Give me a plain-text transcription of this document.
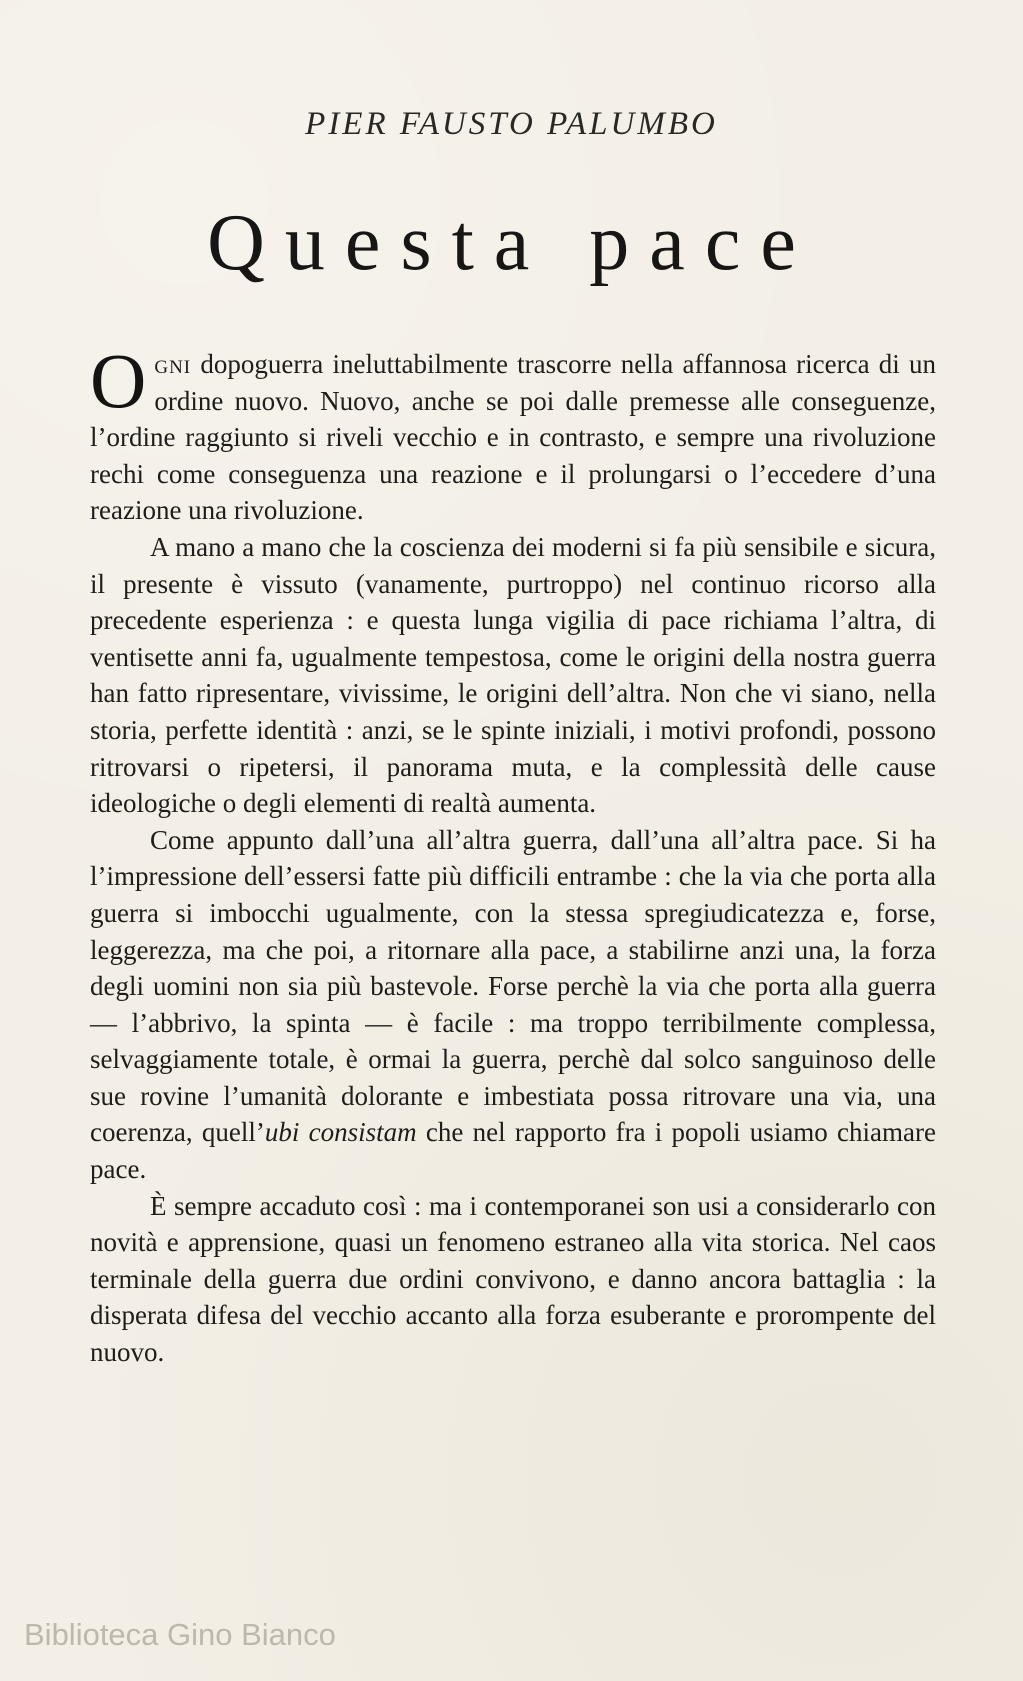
PIER FAUSTO PALUMBO
Questa pace

Ogni dopoguerra ineluttabilmente trascorre nella affannosa ricerca di un ordine nuovo. Nuovo, anche se poi dalle premesse alle conseguenze, l’ordine raggiunto si riveli vecchio e in contrasto, e sempre una rivoluzione rechi come conseguenza una reazione e il prolungarsi o l’eccedere d’una reazione una rivoluzione.

A mano a mano che la coscienza dei moderni si fa più sensibile e sicura, il presente è vissuto (vanamente, purtroppo) nel continuo ricorso alla precedente esperienza : e questa lunga vigilia di pace richiama l’altra, di ventisette anni fa, ugualmente tempestosa, come le origini della nostra guerra han fatto ripresentare, vivissime, le origini dell’altra. Non che vi siano, nella storia, perfette identità : anzi, se le spinte iniziali, i motivi profondi, possono ritrovarsi o ripetersi, il panorama muta, e la complessità delle cause ideologiche o degli elementi di realtà aumenta.

Come appunto dall’una all’altra guerra, dall’una all’altra pace. Si ha l’impressione dell’essersi fatte più difficili entrambe : che la via che porta alla guerra si imbocchi ugualmente, con la stessa spregiudicatezza e, forse, leggerezza, ma che poi, a ritornare alla pace, a stabilirne anzi una, la forza degli uomini non sia più bastevole. Forse perchè la via che porta alla guerra — l’abbrivo, la spinta — è facile : ma troppo terribilmente complessa, selvaggiamente totale, è ormai la guerra, perchè dal solco sanguinoso delle sue rovine l’umanità dolorante e imbestiata possa ritrovare una via, una coerenza, quell’ubi consistam che nel rapporto fra i popoli usiamo chiamare pace.

È sempre accaduto così : ma i contemporanei son usi a considerarlo con novità e apprensione, quasi un fenomeno estraneo alla vita storica. Nel caos terminale della guerra due ordini convivono, e danno ancora battaglia : la disperata difesa del vecchio accanto alla forza esuberante e prorompente del nuovo.

Biblioteca Gino Bianco
